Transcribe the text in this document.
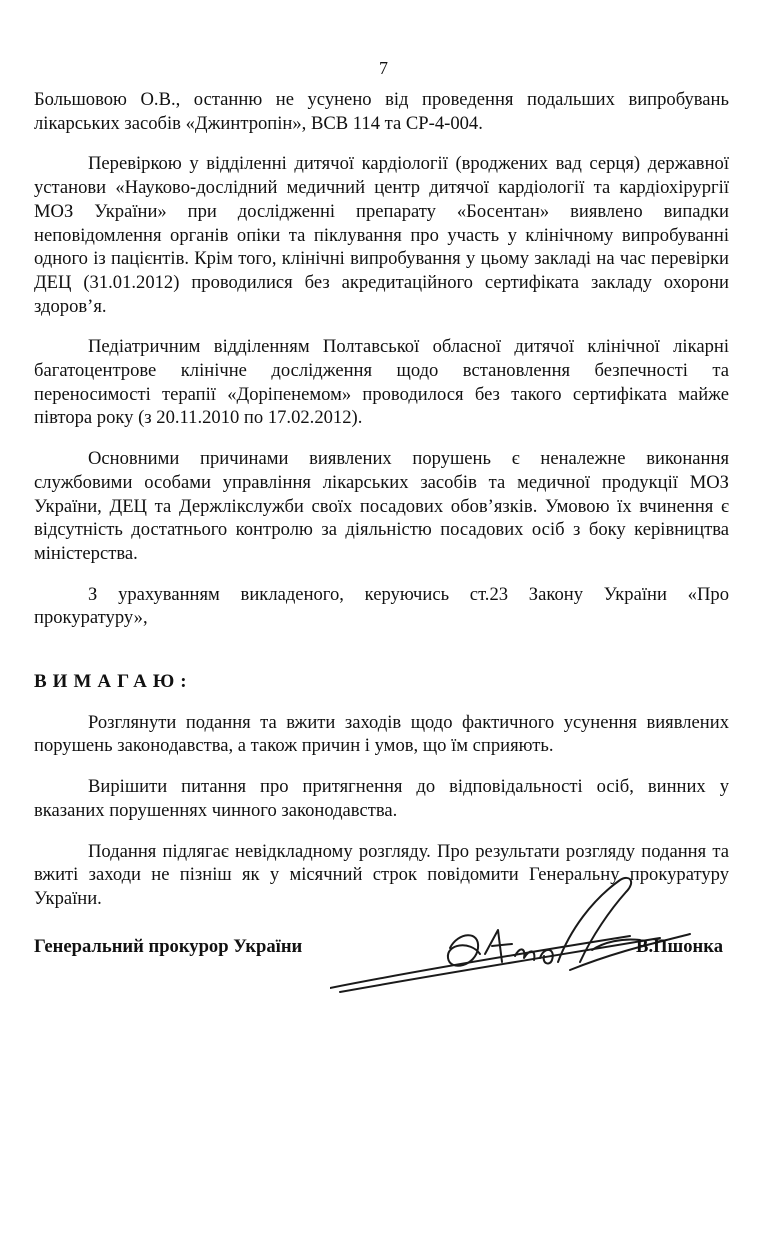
7

Большовою О.В., останню не усунено від проведення подальших випробувань лікарських засобів «Джинтропін», BCB 114 та CP-4-004.

Перевіркою у відділенні дитячої кардіології (вроджених вад серця) державної установи «Науково-дослідний медичний центр дитячої кардіології та кардіохірургії МОЗ України» при дослідженні препарату «Босентан» виявлено випадки неповідомлення органів опіки та піклування про участь у клінічному випробуванні одного із пацієнтів. Крім того, клінічні випробування у цьому закладі на час перевірки ДЕЦ (31.01.2012) проводилися без акредитаційного сертифіката закладу охорони здоров’я.

Педіатричним відділенням Полтавської обласної дитячої клінічної лікарні багатоцентрове клінічне дослідження щодо встановлення безпечності та переносимості терапії «Доріпенемом» проводилося без такого сертифіката майже півтора року (з 20.11.2010 по 17.02.2012).

Основними причинами виявлених порушень є неналежне виконання службовими особами управління лікарських засобів та медичної продукції МОЗ України, ДЕЦ та Держлікслужби своїх посадових обов’язків. Умовою їх вчинення є відсутність достатнього контролю за діяльністю посадових осіб з боку керівництва міністерства.

З урахуванням викладеного, керуючись ст.23 Закону України «Про прокуратуру»,

ВИМАГАЮ:

Розглянути подання та вжити заходів щодо фактичного усунення виявлених порушень законодавства, а також причин і умов, що їм сприяють.

Вирішити питання про притягнення до відповідальності осіб, винних у вказаних порушеннях чинного законодавства.

Подання підлягає невідкладному розгляду. Про результати розгляду подання та вжиті заходи не пізніш як у місячний строк повідомити Генеральну прокуратуру України.

Генеральний прокурор України	В.Пшонка
